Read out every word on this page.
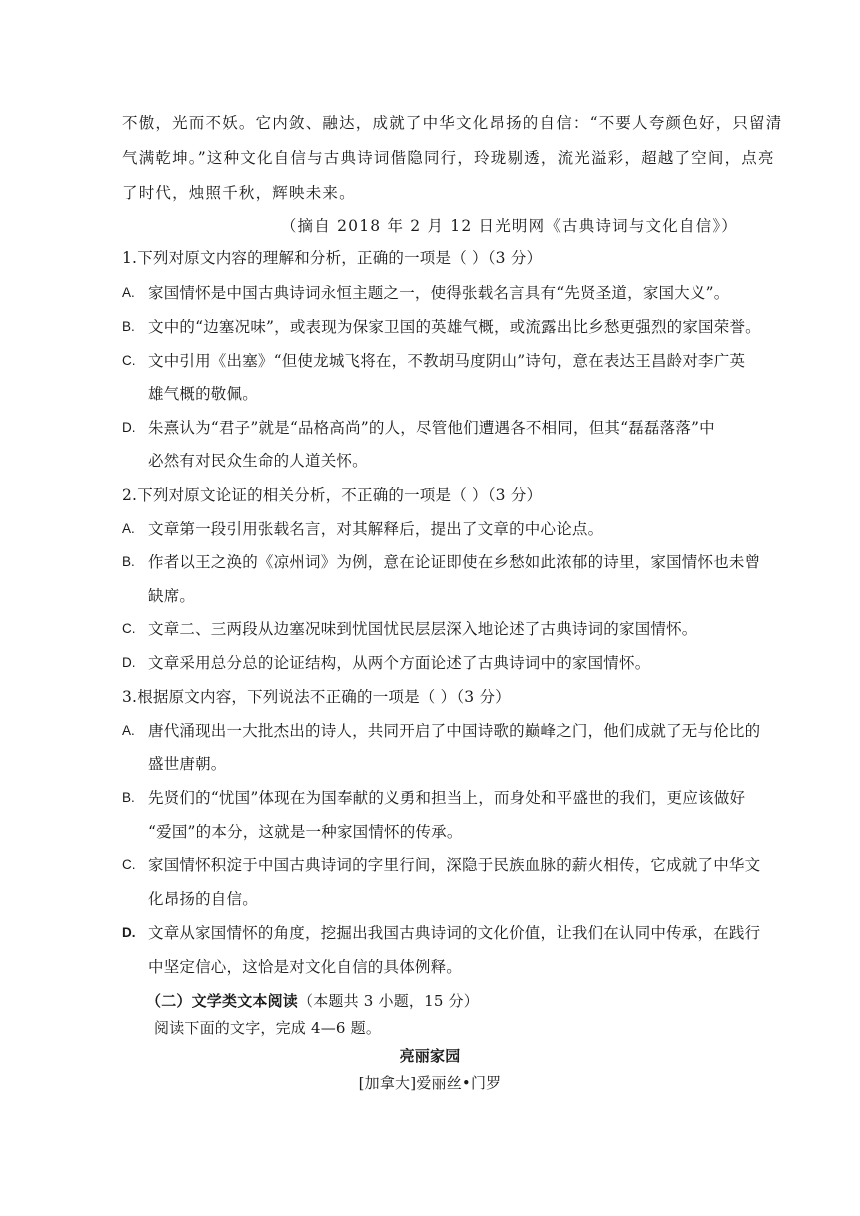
不傲，光而不妖。它内敛、融达，成就了中华文化昂扬的自信：“不要人夸颜色好，只留清
气满乾坤。”这种文化自信与古典诗词偕隐同行，玲珑剔透，流光溢彩，超越了空间，点亮
了时代，烛照千秋，辉映未来。
（摘自 2018 年 2 月 12 日光明网《古典诗词与文化自信》）
1.下列对原文内容的理解和分析，正确的一项是（ ）（3 分）
A. 家国情怀是中国古典诗词永恒主题之一，使得张载名言具有“先贤圣道，家国大义”。
B. 文中的“边塞况味”，或表现为保家卫国的英雄气概，或流露出比乡愁更强烈的家国荣誉。
C. 文中引用《出塞》“但使龙城飞将在，不教胡马度阴山”诗句，意在表达王昌龄对李广英
雄气概的敬佩。
D. 朱熹认为“君子”就是“品格高尚”的人，尽管他们遭遇各不相同，但其“磊磊落落”中
必然有对民众生命的人道关怀。
2.下列对原文论证的相关分析，不正确的一项是（ ）（3 分）
A. 文章第一段引用张载名言，对其解释后，提出了文章的中心论点。
B. 作者以王之涣的《凉州词》为例，意在论证即使在乡愁如此浓郁的诗里，家国情怀也未曾
缺席。
C. 文章二、三两段从边塞况味到忧国忧民层层深入地论述了古典诗词的家国情怀。
D. 文章采用总分总的论证结构，从两个方面论述了古典诗词中的家国情怀。
3.根据原文内容，下列说法不正确的一项是（ ）（3 分）
A. 唐代涌现出一大批杰出的诗人，共同开启了中国诗歌的巅峰之门，他们成就了无与伦比的
盛世唐朝。
B. 先贤们的“忧国”体现在为国奉献的义勇和担当上，而身处和平盛世的我们，更应该做好
“爱国”的本分，这就是一种家国情怀的传承。
C. 家国情怀积淀于中国古典诗词的字里行间，深隐于民族血脉的薪火相传，它成就了中华文
化昂扬的自信。
D. 文章从家国情怀的角度，挖掘出我国古典诗词的文化价值，让我们在认同中传承，在践行
中坚定信心，这恰是对文化自信的具体例释。
（二）文学类文本阅读（本题共 3 小题，15 分）
阅读下面的文字，完成 4—6 题。
亮丽家园
[加拿大]爱丽丝•门罗
